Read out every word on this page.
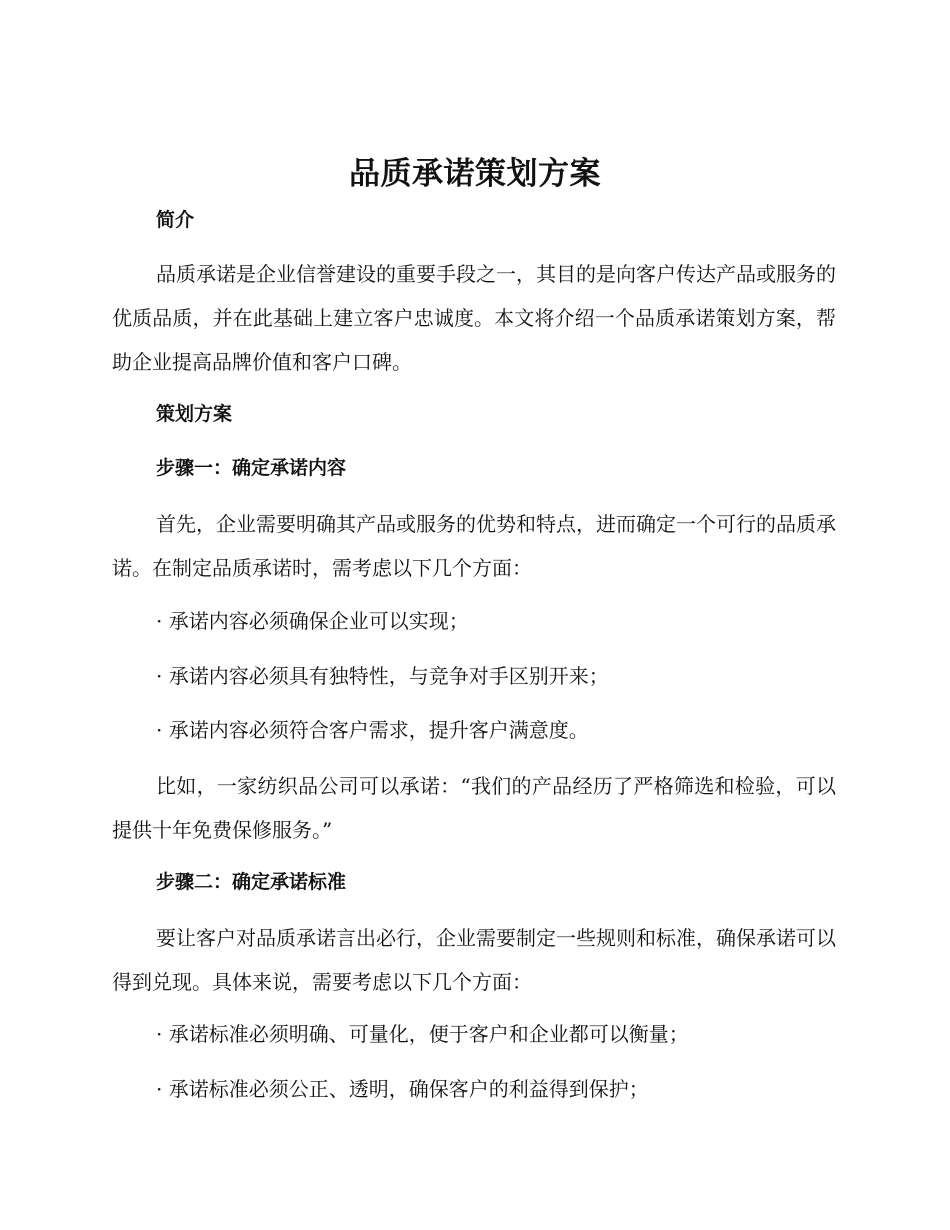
品质承诺策划方案
简介

品质承诺是企业信誉建设的重要手段之一，其目的是向客户传达产品或服务的优质品质，并在此基础上建立客户忠诚度。本文将介绍一个品质承诺策划方案，帮助企业提高品牌价值和客户口碑。

策划方案
步骤一：确定承诺内容

首先，企业需要明确其产品或服务的优势和特点，进而确定一个可行的品质承诺。在制定品质承诺时，需考虑以下几个方面：

· 承诺内容必须确保企业可以实现；
· 承诺内容必须具有独特性，与竞争对手区别开来；
· 承诺内容必须符合客户需求，提升客户满意度。

比如，一家纺织品公司可以承诺：“我们的产品经历了严格筛选和检验，可以提供十年免费保修服务。”

步骤二：确定承诺标准

要让客户对品质承诺言出必行，企业需要制定一些规则和标准，确保承诺可以得到兑现。具体来说，需要考虑以下几个方面：

· 承诺标准必须明确、可量化，便于客户和企业都可以衡量；
· 承诺标准必须公正、透明，确保客户的利益得到保护；
